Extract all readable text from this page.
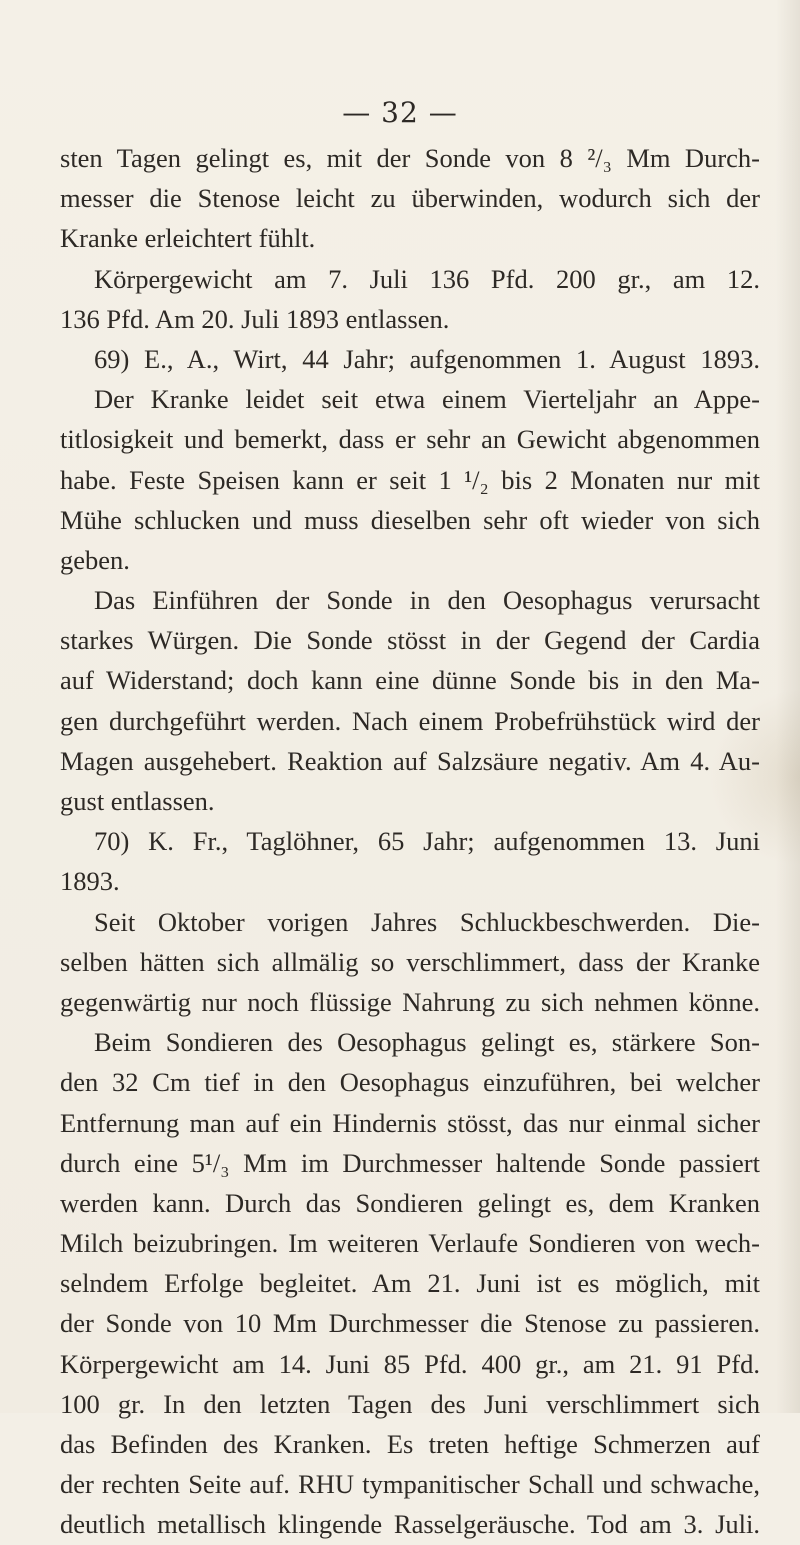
— 32 —
sten Tagen gelingt es, mit der Sonde von 8 ²/₃ Mm Durch-
messer die Stenose leicht zu überwinden, wodurch sich der
Kranke erleichtert fühlt.
Körpergewicht am 7. Juli 136 Pfd. 200 gr., am 12.
136 Pfd. Am 20. Juli 1893 entlassen.
69) E., A., Wirt, 44 Jahr; aufgenommen 1. August 1893.
Der Kranke leidet seit etwa einem Vierteljahr an Appe-
titlosigkeit und bemerkt, dass er sehr an Gewicht abgenommen
habe. Feste Speisen kann er seit 1 ¹/₂ bis 2 Monaten nur mit
Mühe schlucken und muss dieselben sehr oft wieder von sich
geben.
Das Einführen der Sonde in den Oesophagus verursacht
starkes Würgen. Die Sonde stösst in der Gegend der Cardia
auf Widerstand; doch kann eine dünne Sonde bis in den Ma-
gen durchgeführt werden. Nach einem Probefrühstück wird der
Magen ausgehebert. Reaktion auf Salzsäure negativ. Am 4. Au-
gust entlassen.
70) K. Fr., Taglöhner, 65 Jahr; aufgenommen 13. Juni
1893.
Seit Oktober vorigen Jahres Schluckbeschwerden. Die-
selben hätten sich allmälig so verschlimmert, dass der Kranke
gegenwärtig nur noch flüssige Nahrung zu sich nehmen könne.
Beim Sondieren des Oesophagus gelingt es, stärkere Son-
den 32 Cm tief in den Oesophagus einzuführen, bei welcher
Entfernung man auf ein Hindernis stösst, das nur einmal sicher
durch eine 5¹/₃ Mm im Durchmesser haltende Sonde passiert
werden kann. Durch das Sondieren gelingt es, dem Kranken
Milch beizubringen. Im weiteren Verlaufe Sondieren von wech-
selndem Erfolge begleitet. Am 21. Juni ist es möglich, mit
der Sonde von 10 Mm Durchmesser die Stenose zu passieren.
Körpergewicht am 14. Juni 85 Pfd. 400 gr., am 21. 91 Pfd.
100 gr. In den letzten Tagen des Juni verschlimmert sich
das Befinden des Kranken. Es treten heftige Schmerzen auf
der rechten Seite auf. RHU tympanitischer Schall und schwache,
deutlich metallisch klingende Rasselgeräusche. Tod am 3. Juli.
